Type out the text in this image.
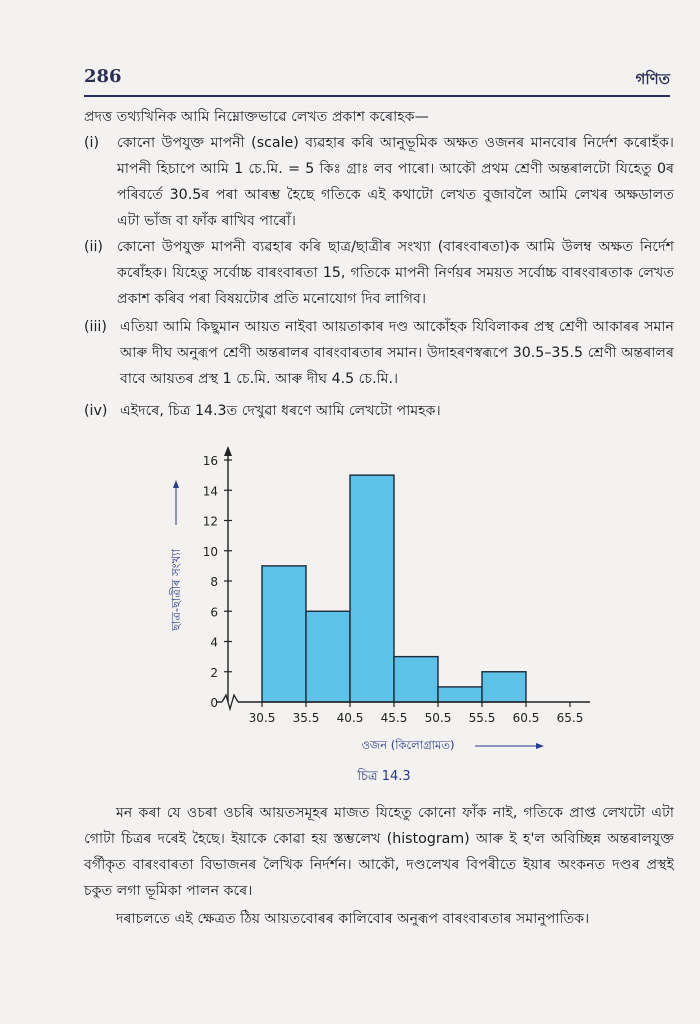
286	গণিত
প্ৰদত্ত তথ্যখিনিক আমি নিম্নোক্তভাৱে লেখত প্ৰকাশ কৰোহক—
(i) কোনো উপযুক্ত মাপনী (scale) ব্যৱহাৰ কৰি আনুভূমিক অক্ষত ওজনৰ মানবোৰ নিৰ্দেশ কৰোহঁক। মাপনী হিচাপে আমি 1 চে.মি. = 5 কিঃ গ্ৰাঃ লব পাৰো। আকৌ প্ৰথম শ্ৰেণী অন্তৰালটো যিহেতু 0ৰ পৰিবৰ্তে 30.5ৰ পৰা আৰম্ভ হৈছে গতিকে এই কথাটো লেখত বুজাবলৈ আমি লেখৰ অক্ষডালত এটা ভাঁজ বা ফাঁক ৰাখিব পাৰোঁ।
(ii) কোনো উপযুক্ত মাপনী ব্যৱহাৰ কৰি ছাত্ৰ/ছাত্ৰীৰ সংখ্যা (বাৰংবাৰতা)ক আমি উলম্ব অক্ষত নিৰ্দেশ কৰোঁহক। যিহেতু সৰ্বোচ্চ বাৰংবাৰতা 15, গতিকে মাপনী নিৰ্ণয়ৰ সময়ত সৰ্বোচ্চ বাৰংবাৰতাক লেখত প্ৰকাশ কৰিব পৰা বিষয়টোৰ প্ৰতি মনোযোগ দিব লাগিব।
(iii) এতিয়া আমি কিছুমান আয়ত নাইবা আয়তাকাৰ দণ্ড আকোঁহক যিবিলাকৰ প্ৰস্থ শ্ৰেণী আকাৰৰ সমান আৰু দীঘ অনুৰূপ শ্ৰেণী অন্তৰালৰ বাৰংবাৰতাৰ সমান। উদাহৰণস্বৰূপে 30.5–35.5 শ্ৰেণী অন্তৰালৰ বাবে আয়তৰ প্ৰস্থ 1 চে.মি. আৰু দীঘ 4.5 চে.মি.।
(iv) এইদৰে, চিত্ৰ 14.3ত দেখুৱা ধৰণে আমি লেখটো পামহক।
0
2
4
6
8
10
12
14
16
30.5 35.5 40.5 45.5 50.5 55.5 60.5 65.5
ছাত্ৰ-ছাত্ৰীৰ সংখ্যা
ওজন (কিলোগ্ৰামত)
চিত্ৰ 14.3
মন কৰা যে ওচৰা ওচৰি আয়তসমূহৰ মাজত যিহেতু কোনো ফাঁক নাই, গতিকে প্ৰাপ্ত লেখটো এটা গোটা চিত্ৰৰ দৰেই হৈছে। ইয়াকে কোৱা হয় স্তম্ভলেখ (histogram) আৰু ই হ'ল অবিচ্ছিন্ন অন্তৰালযুক্ত বৰ্গীকৃত বাৰংবাৰতা বিভাজনৰ লৈখিক নিৰ্দৰ্শন। আকৌ, দণ্ডলেখৰ বিপৰীতে ইয়াৰ অংকনত দণ্ডৰ প্ৰস্থই চকুত লগা ভূমিকা পালন কৰে।
দৰাচলতে এই ক্ষেত্ৰত ঠিয় আয়তবোৰৰ কালিবোৰ অনুৰূপ বাৰংবাৰতাৰ সমানুপাতিক।
